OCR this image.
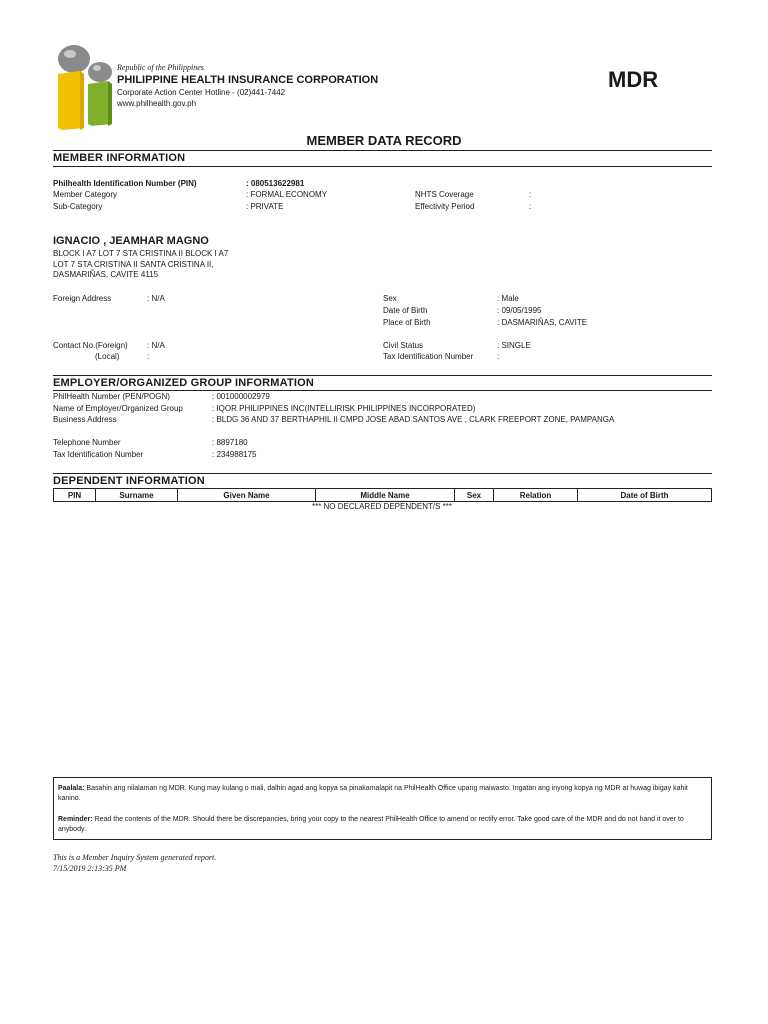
Republic of the Philippines
PHILIPPINE HEALTH INSURANCE CORPORATION
Corporate Action Center Hotline - (02)441-7442
www.philhealth.gov.ph
MDR
MEMBER DATA RECORD
MEMBER INFORMATION
Philhealth Identification Number (PIN)	: 080513622981
Member Category	: FORMAL ECONOMY	NHTS Coverage	:
Sub-Category	: PRIVATE	Effectivity Period	:
IGNACIO , JEAMHAR MAGNO
BLOCK I A7 LOT 7 STA CRISTINA II BLOCK I A7
LOT 7 STA CRISTINA II SANTA CRISTINA II,
DASMARIÑAS, CAVITE 4115
Foreign Address	: N/A	Sex	: Male
Date of Birth	: 09/05/1995
Place of Birth	: DASMARIÑAS, CAVITE
Contact No.(Foreign) : N/A
(Local)	:
Civil Status	: SINGLE
Tax Identification Number	:
EMPLOYER/ORGANIZED GROUP INFORMATION
PhilHealth Number (PEN/POGN)	: 001000002979
Name of Employer/Organized Group	: IQOR PHILIPPINES INC(INTELLIRISK PHILIPPINES INCORPORATED)
Business Address	: BLDG 36 AND 37 BERTHAPHIL II CMPD JOSE ABAD SANTOS AVE , CLARK FREEPORT ZONE, PAMPANGA
Telephone Number	: 8897180
Tax Identification Number	: 234988175
DEPENDENT INFORMATION
PIN	Surname	Given Name	Middle Name	Sex	Relation	Date of Birth
*** NO DECLARED DEPENDENT/S ***
Paalala: Basahin ang nilalaman ng MDR. Kung may kulang o mali, dalhin agad ang kopya sa pinakamalapit na PhilHealth Office upang maiwasto. Ingatan ang inyong kopya ng MDR at huwag ibigay kahit kanino.
Reminder: Read the contents of the MDR. Should there be discrepancies, bring your copy to the nearest PhilHealth Office to amend or rectify error. Take good care of the MDR and do not hand it over to anybody.
This is a Member Inquiry System generated report.
7/15/2019 2:13:35 PM
